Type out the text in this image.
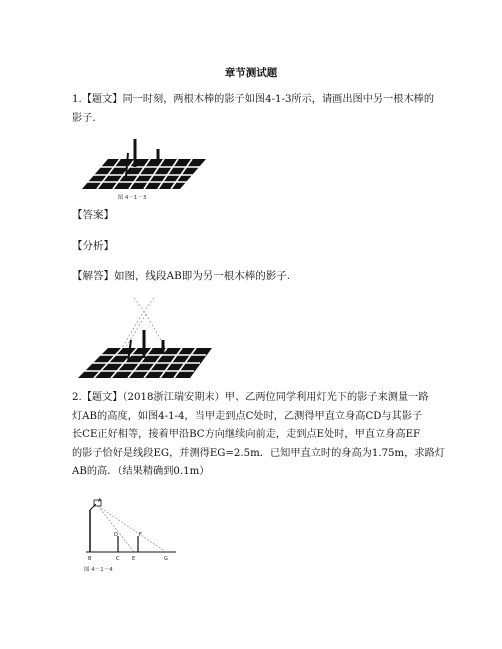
章节测试题
1.【题文】同一时刻，两根木棒的影子如图4-1-3所示，请画出图中另一根木棒的
影子.
图 4－1－3
【答案】
【分析】
【解答】如图，线段AB即为另一根木棒的影子.
2.【题文】（2018浙江瑞安期末）甲、乙两位同学利用灯光下的影子来测量一路
灯AB的高度，如图4-1-4，当甲走到点C处时，乙测得甲直立身高CD与其影子
长CE正好相等，接着甲沿BC方向继续向前走，走到点E处时，甲直立身高EF
的影子恰好是线段EG，并测得EG=2.5m．已知甲直立时的身高为1.75m，求路灯
AB的高．（结果精确到0.1m）
A
B	C
D
E
F
G
图 4－1－4
